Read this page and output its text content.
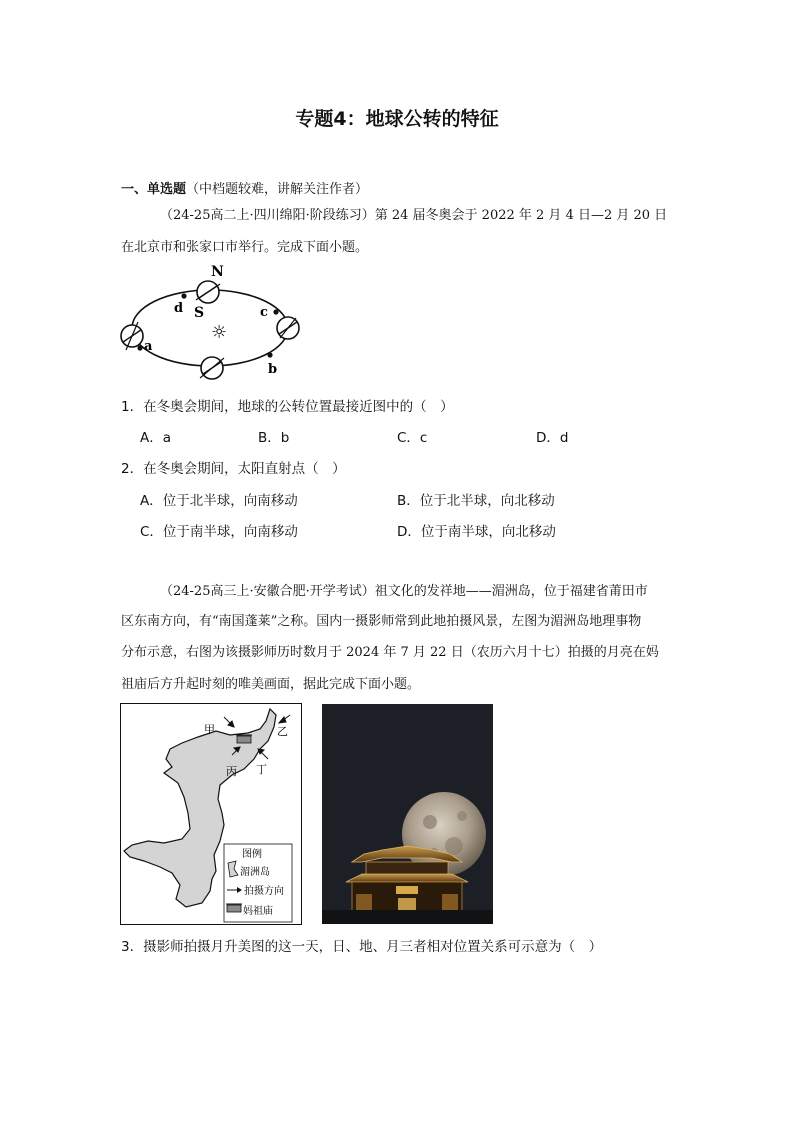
专题4：地球公转的特征
一、单选题（中档题较难，讲解关注作者）
（24-25高二上·四川绵阳·阶段练习）第 24 届冬奥会于 2022 年 2 月 4 日—2 月 20 日
在北京市和张家口市举行。完成下面小题。
N
S
☼
d	c
a
b
1．在冬奥会期间，地球的公转位置最接近图中的（　）
A．a	B．b	C．c	D．d
2．在冬奥会期间，太阳直射点（　）
A．位于北半球，向南移动	B．位于北半球，向北移动
C．位于南半球，向南移动	D．位于南半球，向北移动
（24-25高三上·安徽合肥·开学考试）祖文化的发祥地——湄洲岛，位于福建省莆田市
区东南方向，有“南国蓬莱”之称。国内一摄影师常到此地拍摄风景，左图为湄洲岛地理事物
分布示意，右图为该摄影师历时数月于 2024 年 7 月 22 日（农历六月十七）拍摄的月亮在妈
祖庙后方升起时刻的唯美画面，据此完成下面小题。
甲	乙
丙 丁
图例
湄洲岛
拍摄方向
妈祖庙
3．摄影师拍摄月升美图的这一天，日、地、月三者相对位置关系可示意为（　）
